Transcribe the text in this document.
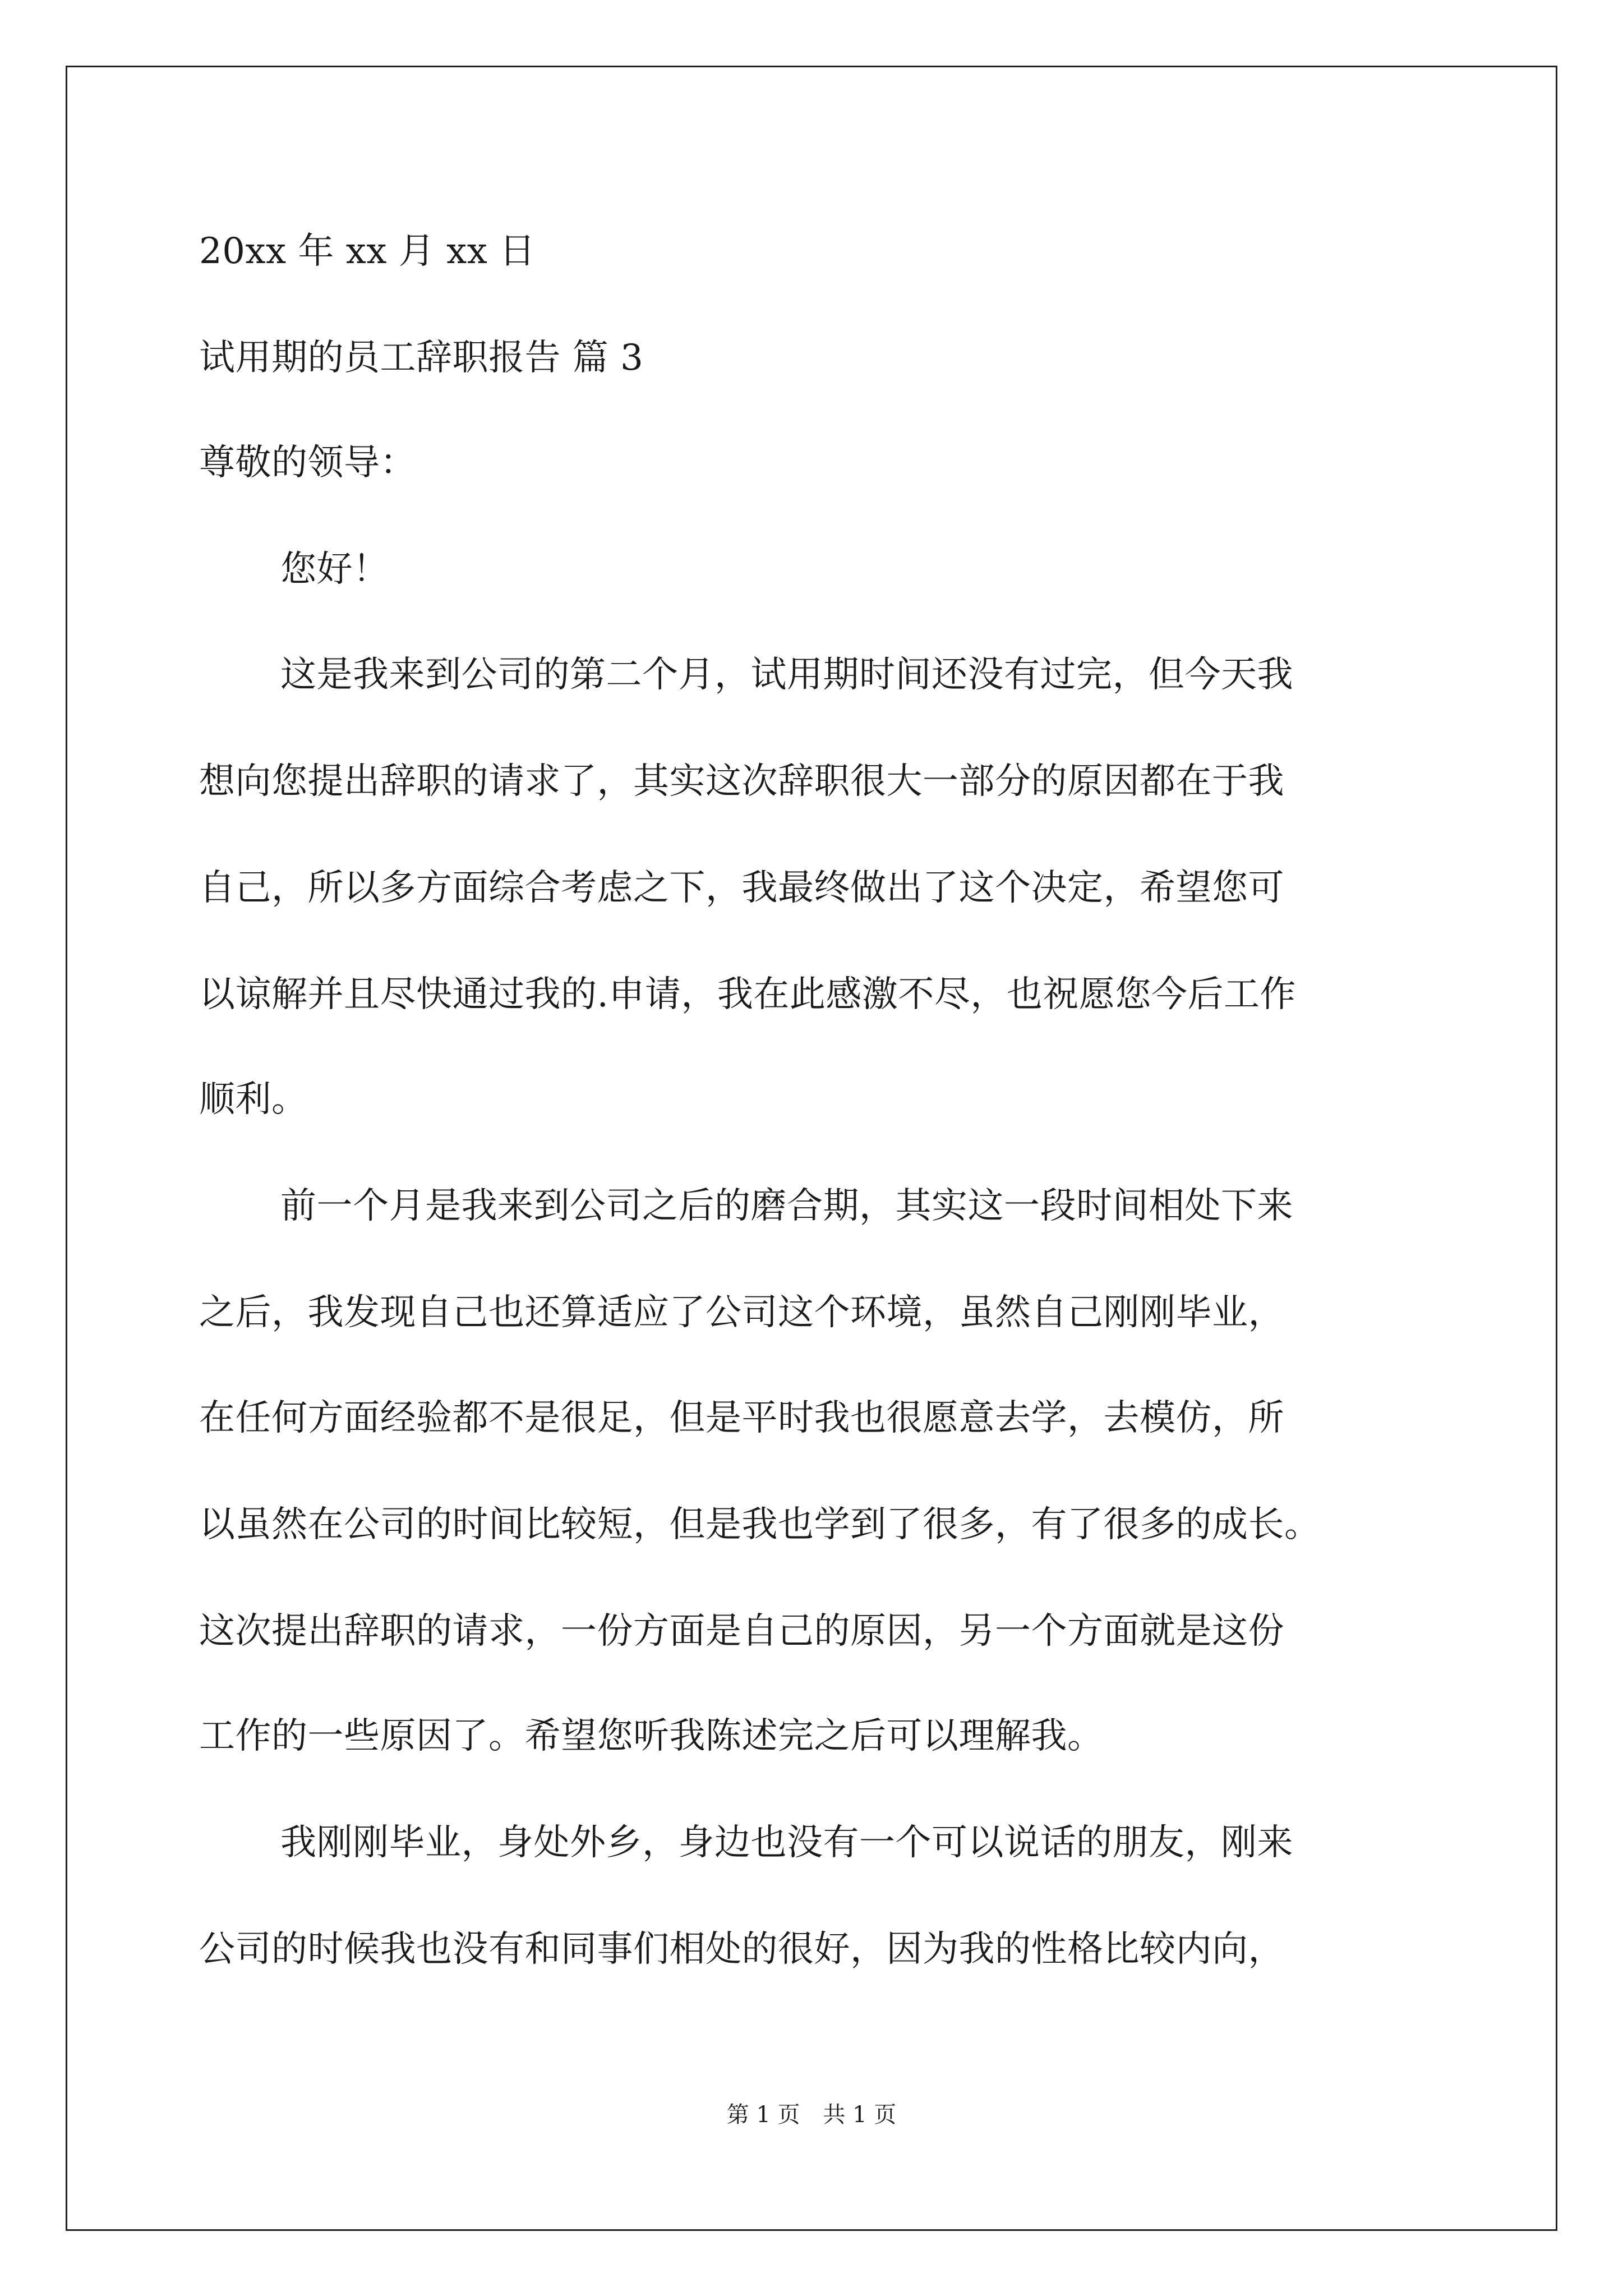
20xx 年 xx 月 xx 日
试用期的员工辞职报告 篇 3
尊敬的领导：
您好！
这是我来到公司的第二个月，试用期时间还没有过完，但今天我
想向您提出辞职的请求了，其实这次辞职很大一部分的原因都在于我
自己，所以多方面综合考虑之下，我最终做出了这个决定，希望您可
以谅解并且尽快通过我的.申请，我在此感激不尽，也祝愿您今后工作
顺利。
前一个月是我来到公司之后的磨合期，其实这一段时间相处下来
之后，我发现自己也还算适应了公司这个环境，虽然自己刚刚毕业，
在任何方面经验都不是很足，但是平时我也很愿意去学，去模仿，所
以虽然在公司的时间比较短，但是我也学到了很多，有了很多的成长。
这次提出辞职的请求，一份方面是自己的原因，另一个方面就是这份
工作的一些原因了。希望您听我陈述完之后可以理解我。
我刚刚毕业，身处外乡，身边也没有一个可以说话的朋友，刚来
公司的时候我也没有和同事们相处的很好，因为我的性格比较内向，
第 1 页 共 1 页
